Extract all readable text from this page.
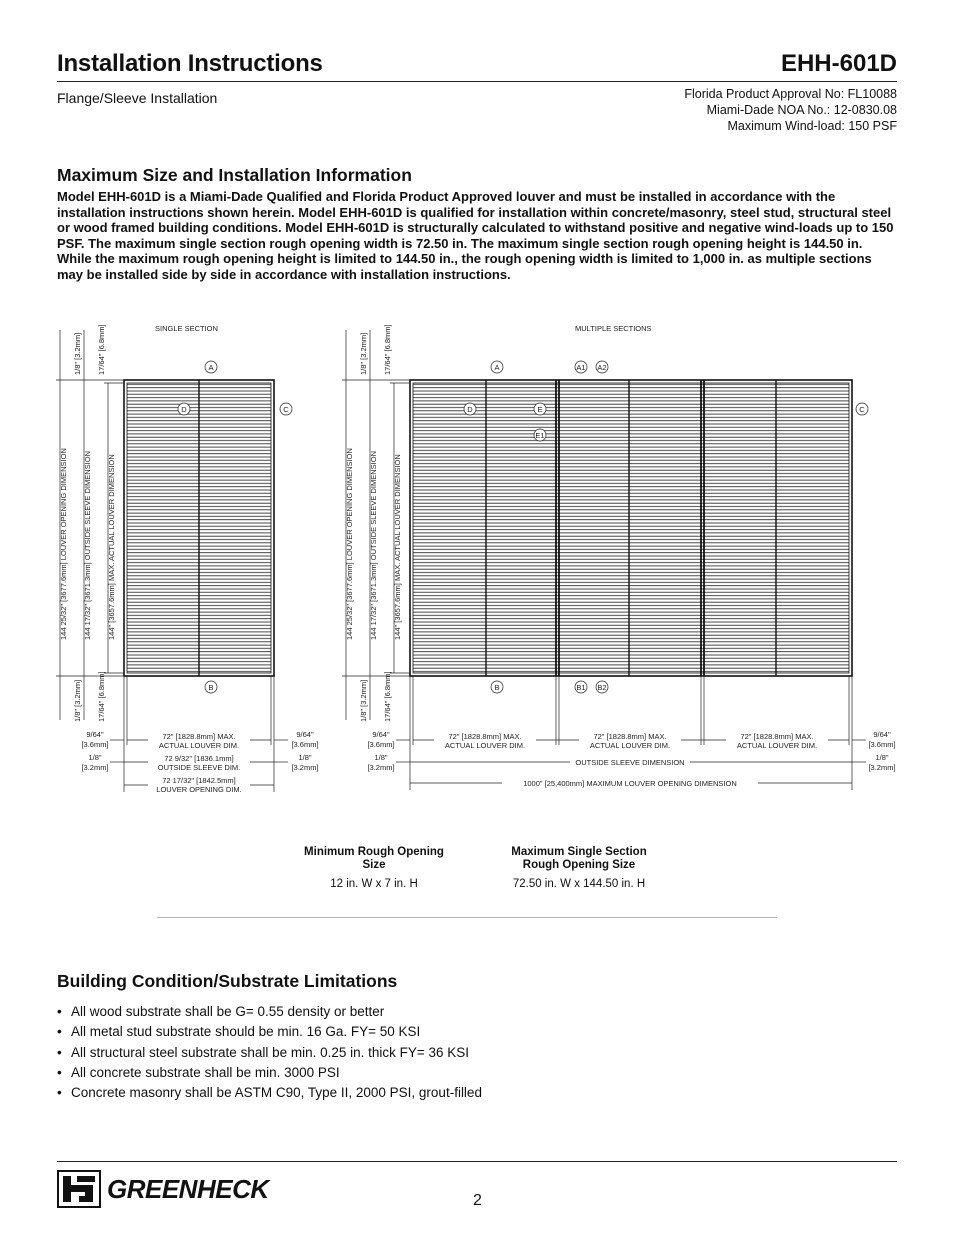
Installation Instructions	EHH-601D
Flange/Sleeve Installation	Florida Product Approval No: FL10088
Miami-Dade NOA No.: 12-0830.08
Maximum Wind-load: 150 PSF
Maximum Size and Installation Information
Model EHH-601D is a Miami-Dade Qualified and Florida Product Approved louver and must be installed in accordance with the installation instructions shown herein. Model EHH-601D is qualified for installation within concrete/masonry, steel stud, structural steel or wood framed building conditions. Model EHH-601D is structurally calculated to withstand positive and negative wind-loads up to 150 PSF. The maximum single section rough opening width is 72.50 in. The maximum single section rough opening height is 144.50 in. While the maximum rough opening height is limited to 144.50 in., the rough opening width is limited to 1,000 in. as multiple sections may be installed side by side in accordance with installation instructions.
SINGLE SECTION
144 25/32" [3677.6mm] LOUVER OPENING DIMENSION 144 17/32" [3671.3mm] OUTSIDE SLEEVE DIMENSION 144" [3657.6mm] MAX. ACTUAL LOUVER DIMENSION
1/8" [3.2mm] 17/64" [6.8mm]
1/8" [3.2mm] 17/64" [6.8mm]
72" [1828.8mm] MAX.
ACTUAL LOUVER DIM.
72 9/32" [1836.1mm]
OUTSIDE SLEEVE DIM.
72 17/32" [1842.5mm]
LOUVER OPENING DIM.
9/64"
[3.6mm]
1/8"
[3.2mm]
9/64"
[3.6mm]
1/8"
[3.2mm]
A
D	C
B
MULTIPLE SECTIONS
144 25/32" [3677.6mm] LOUVER OPENING DIMENSION 144 17/32" [3671.3mm] OUTSIDE SLEEVE DIMENSION 144" [3657.6mm] MAX. ACTUAL LOUVER DIMENSION
1/8" [3.2mm] 17/64" [6.8mm]
1/8" [3.2mm] 17/64" [6.8mm]
72" [1828.8mm] MAX.
ACTUAL LOUVER DIM.
72" [1828.8mm] MAX.
ACTUAL LOUVER DIM.
72" [1828.8mm] MAX.
ACTUAL LOUVER DIM.
OUTSIDE SLEEVE DIMENSION
1000" [25,400mm] MAXIMUM LOUVER OPENING DIMENSION
9/64"
[3.6mm]
1/8"
[3.2mm]
9/64"
[3.6mm]
1/8"
[3.2mm]
A
D	E
E1
A1 A2
C
B	B1 B2
Minimum Rough Opening Size
12 in. W x 7 in. H
Maximum Single Section Rough Opening Size
72.50 in. W x 144.50 in. H
Building Condition/Substrate Limitations
• All wood substrate shall be G= 0.55 density or better
• All metal stud substrate should be min. 16 Ga. FY= 50 KSI
• All structural steel substrate shall be min. 0.25 in. thick FY= 36 KSI
• All concrete substrate shall be min. 3000 PSI
• Concrete masonry shall be ASTM C90, Type II, 2000 PSI, grout-filled
GREENHECK	2
